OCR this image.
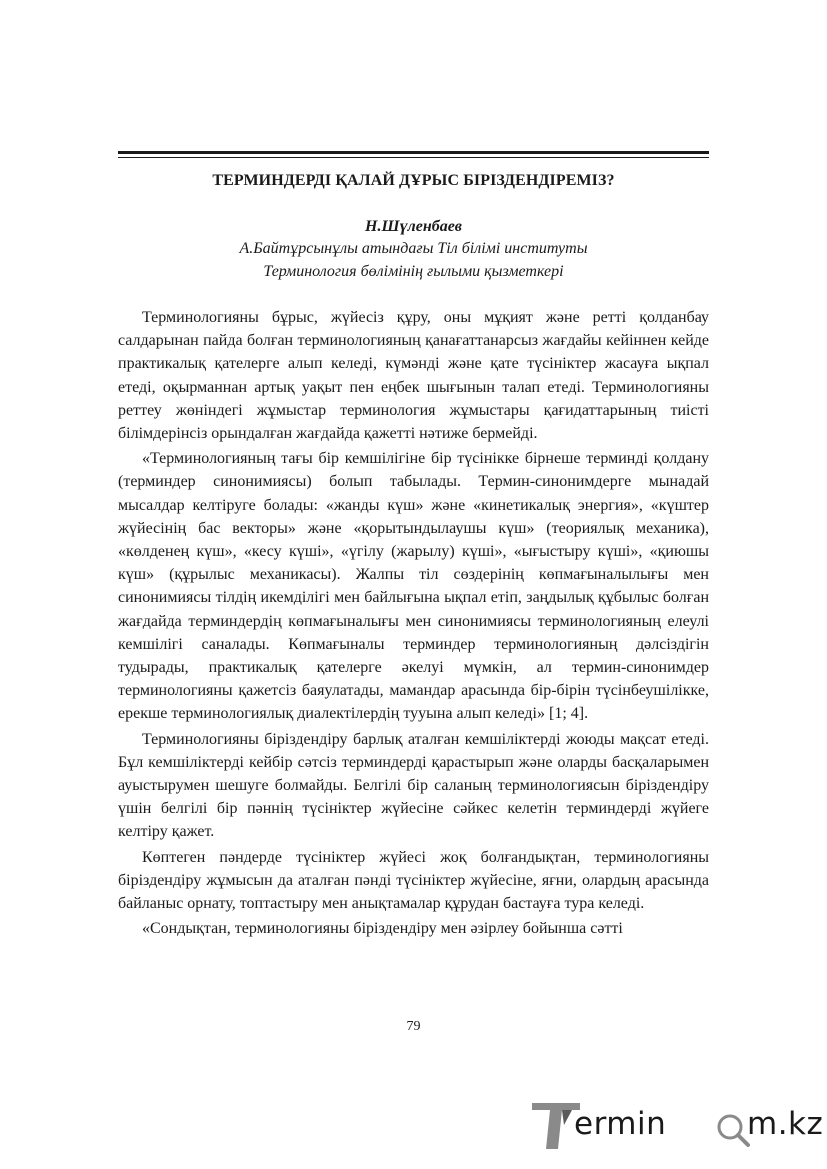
ТЕРМИНДЕРДІ ҚАЛАЙ ДҰРЫС БІРІЗДЕНДІРЕМІЗ?
Н.Шүленбаев
А.Байтұрсынұлы атындағы Тіл білімі институты
Терминология бөлімінің ғылыми қызметкері

Терминологияны бұрыс, жүйесіз құру, оны мұқият және ретті қолданбау салдарынан пайда болған терминологияның қанағаттанарсыз жағдайы кейіннен кейде практикалық қателерге алып келеді, күмәнді және қате түсініктер жасауға ықпал етеді, оқырманнан артық уақыт пен еңбек шығынын талап етеді. Терминологияны реттеу жөніндегі жұмыстар терминология жұмыстары қағидаттарының тиісті білімдерінсіз орындалған жағдайда қажетті нәтиже бермейді.

«Терминологияның тағы бір кемшілігіне бір түсінікке бірнеше терминді қолдану (терминдер синонимиясы) болып табылады. Термин-синонимдерге мынадай мысалдар келтіруге болады: «жанды күш» және «кинетикалық энергия», «күштер жүйесінің бас векторы» және «қорытындылаушы күш» (теориялық механика), «көлденең күш», «кесу күші», «үгілу (жарылу) күші», «ығыстыру күші», «қиюшы күш» (құрылыс механикасы). Жалпы тіл сөздерінің көпмағыналылығы мен синонимиясы тілдің икемділігі мен байлығына ықпал етіп, заңдылық құбылыс болған жағдайда терминдердің көпмағыналығы мен синонимиясы терминологияның елеулі кемшілігі саналады. Көпмағыналы терминдер терминологияның дәлсіздігін тудырады, практикалық қателерге әкелуі мүмкін, ал термин-синонимдер терминологияны қажетсіз баяулатады, мамандар арасында бір-бірін түсінбеушілікке, ерекше терминологиялық диалектілердің тууына алып келеді» [1; 4].

Терминологияны біріздендіру барлық аталған кемшіліктерді жоюды мақсат етеді. Бұл кемшіліктерді кейбір сәтсіз терминдерді қарастырып және оларды басқаларымен ауыстырумен шешуге болмайды. Белгілі бір саланың терминологиясын біріздендіру үшін белгілі бір пәннің түсініктер жүйесіне сәйкес келетін терминдерді жүйеге келтіру қажет.

Көптеген пәндерде түсініктер жүйесі жоқ болғандықтан, терминологияны біріздендіру жұмысын да аталған пәнді түсініктер жүйесіне, яғни, олардың арасында байланыс орнату, топтастыру мен анықтамалар құрудан бастауға тура келеді.

«Сондықтан, терминологияны біріздендіру мен әзірлеу бойынша сәтті

79
ermin	m.kz
